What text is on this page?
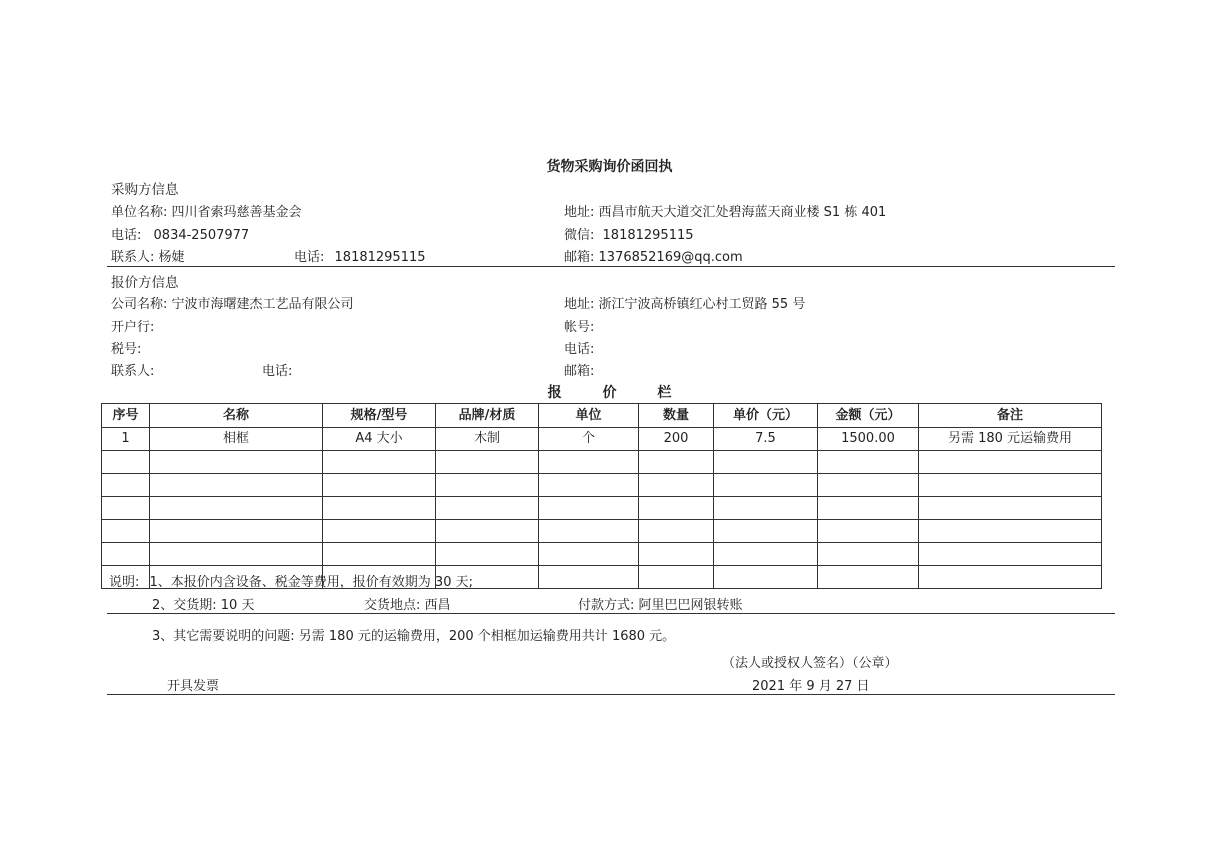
货物采购询价函回执
采购方信息
单位名称: 四川省索玛慈善基金会	地址: 西昌市航天大道交汇处碧海蓝天商业楼 S1 栋 401
电话: 0834-2507977	微信: 18181295115
联系人: 杨婕	电话: 18181295115	邮箱: 1376852169@qq.com
报价方信息
公司名称: 宁波市海曙建杰工艺品有限公司	地址: 浙江宁波高桥镇红心村工贸路 55 号
开户行:	帐号:
税号:	电话:
联系人:	电话:	邮箱:
报	价	栏
序号	名称	规格/型号	品牌/材质	单位	数量	单价（元）	金额（元）	备注
1	相框	A4 大小	木制	个	200	7.5	1500.00	另需 180 元运输费用

说明: 1、本报价内含设备、税金等费用，报价有效期为 30 天;
2、交货期: 10 天	交货地点: 西昌	付款方式: 阿里巴巴网银转账
3、其它需要说明的问题: 另需 180 元的运输费用，200 个相框加运输费用共计 1680 元。
（法人或授权人签名）（公章）
开具发票	2021 年 9 月 27 日
